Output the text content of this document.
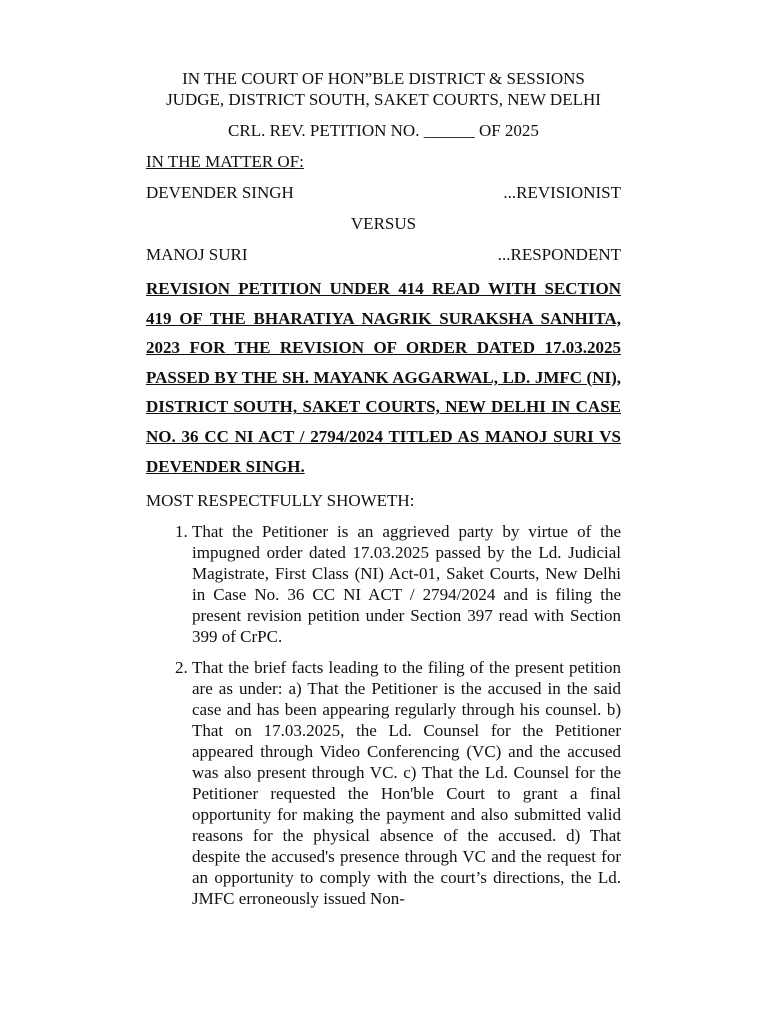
IN THE COURT OF HON”BLE DISTRICT & SESSIONS
JUDGE, DISTRICT SOUTH, SAKET COURTS, NEW DELHI

CRL. REV. PETITION NO. ______ OF 2025

IN THE MATTER OF:

DEVENDER SINGH	...REVISIONIST

VERSUS

MANOJ SURI	...RESPONDENT

REVISION PETITION UNDER 414 READ WITH SECTION 419 OF THE BHARATIYA NAGRIK SURAKSHA SANHITA, 2023 FOR THE REVISION OF ORDER DATED 17.03.2025 PASSED BY THE SH. MAYANK AGGARWAL, LD. JMFC (NI), DISTRICT SOUTH, SAKET COURTS, NEW DELHI IN CASE NO. 36 CC NI ACT / 2794/2024 TITLED AS MANOJ SURI VS DEVENDER SINGH.

MOST RESPECTFULLY SHOWETH:

1. That the Petitioner is an aggrieved party by virtue of the impugned order dated 17.03.2025 passed by the Ld. Judicial Magistrate, First Class (NI) Act-01, Saket Courts, New Delhi in Case No. 36 CC NI ACT / 2794/2024 and is filing the present revision petition under Section 397 read with Section 399 of CrPC.
2. That the brief facts leading to the filing of the present petition are as under: a) That the Petitioner is the accused in the said case and has been appearing regularly through his counsel. b) That on 17.03.2025, the Ld. Counsel for the Petitioner appeared through Video Conferencing (VC) and the accused was also present through VC. c) That the Ld. Counsel for the Petitioner requested the Hon'ble Court to grant a final opportunity for making the payment and also submitted valid reasons for the physical absence of the accused. d) That despite the accused's presence through VC and the request for an opportunity to comply with the court’s directions, the Ld. JMFC erroneously issued Non-
